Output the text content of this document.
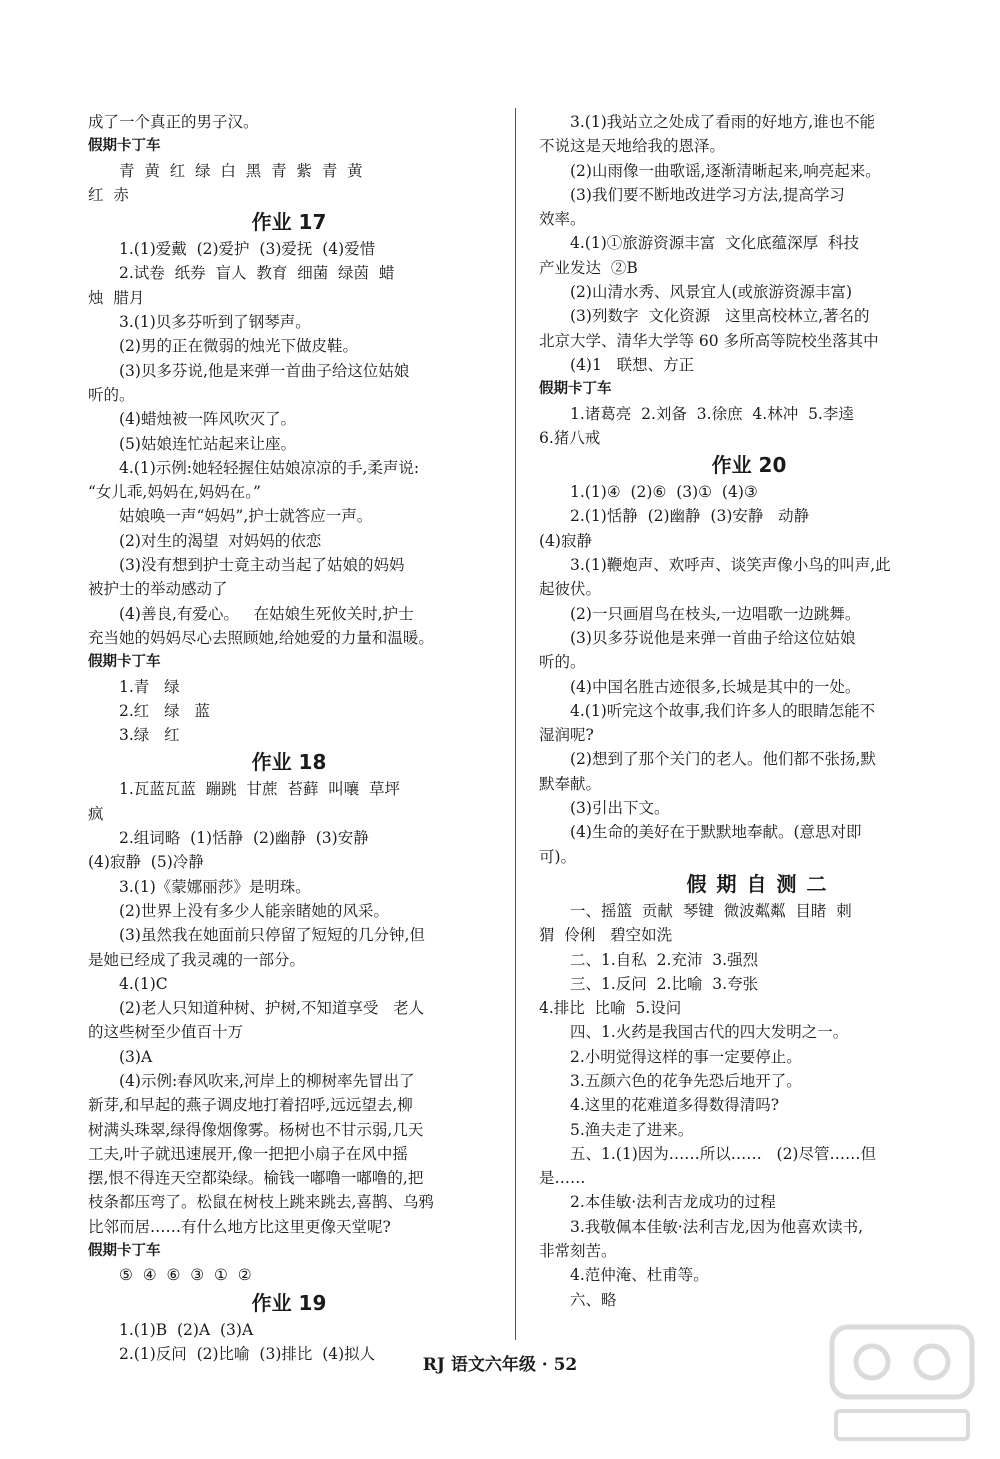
成了一个真正的男子汉。
假期卡丁车
青  黄  红  绿  白  黑  青  紫  青  黄
红  赤
作业 17
1.(1)爱戴  (2)爱护  (3)爱抚  (4)爱惜
2.试卷  纸券  盲人  教育  细菌  绿茵  蜡
烛  腊月
3.(1)贝多芬听到了钢琴声。
(2)男的正在微弱的烛光下做皮鞋。
(3)贝多芬说,他是来弹一首曲子给这位姑娘
听的。
(4)蜡烛被一阵风吹灭了。
(5)姑娘连忙站起来让座。
4.(1)示例:她轻轻握住姑娘凉凉的手,柔声说:
“女儿乖,妈妈在,妈妈在。”
姑娘唤一声“妈妈”,护士就答应一声。
(2)对生的渴望  对妈妈的依恋
(3)没有想到护士竟主动当起了姑娘的妈妈
被护士的举动感动了
(4)善良,有爱心。   在姑娘生死攸关时,护士
充当她的妈妈尽心去照顾她,给她爱的力量和温暖。
假期卡丁车
1.青   绿
2.红   绿   蓝
3.绿   红
作业 18
1.瓦蓝瓦蓝  蹦跳  甘蔗  苔藓  叫嚷  草坪
疯
2.组词略  (1)恬静  (2)幽静  (3)安静
(4)寂静  (5)冷静
3.(1)《蒙娜丽莎》是明珠。
(2)世界上没有多少人能亲睹她的风采。
(3)虽然我在她面前只停留了短短的几分钟,但
是她已经成了我灵魂的一部分。
4.(1)C
(2)老人只知道种树、护树,不知道享受   老人
的这些树至少值百十万
(3)A
(4)示例:春风吹来,河岸上的柳树率先冒出了
新芽,和早起的燕子调皮地打着招呼,远远望去,柳
树满头珠翠,绿得像烟像雾。杨树也不甘示弱,几天
工夫,叶子就迅速展开,像一把把小扇子在风中摇
摆,恨不得连天空都染绿。榆钱一嘟噜一嘟噜的,把
枝条都压弯了。松鼠在树枝上跳来跳去,喜鹊、乌鸦
比邻而居……有什么地方比这里更像天堂呢?
假期卡丁车
⑤  ④  ⑥  ③  ①  ②
作业 19
1.(1)B  (2)A  (3)A
2.(1)反问  (2)比喻  (3)排比  (4)拟人
3.(1)我站立之处成了看雨的好地方,谁也不能
不说这是天地给我的恩泽。
(2)山雨像一曲歌谣,逐渐清晰起来,响亮起来。
(3)我们要不断地改进学习方法,提高学习
效率。
4.(1)①旅游资源丰富  文化底蕴深厚  科技
产业发达  ②B
(2)山清水秀、风景宜人(或旅游资源丰富)
(3)列数字  文化资源   这里高校林立,著名的
北京大学、清华大学等 60 多所高等院校坐落其中
(4)1   联想、方正
假期卡丁车
1.诸葛亮  2.刘备  3.徐庶  4.林冲  5.李逵
6.猪八戒
作业 20
1.(1)④  (2)⑥  (3)①  (4)③
2.(1)恬静  (2)幽静  (3)安静   动静
(4)寂静
3.(1)鞭炮声、欢呼声、谈笑声像小鸟的叫声,此
起彼伏。
(2)一只画眉鸟在枝头,一边唱歌一边跳舞。
(3)贝多芬说他是来弹一首曲子给这位姑娘
听的。
(4)中国名胜古迹很多,长城是其中的一处。
4.(1)听完这个故事,我们许多人的眼睛怎能不
湿润呢?
(2)想到了那个关门的老人。他们都不张扬,默
默奉献。
(3)引出下文。
(4)生命的美好在于默默地奉献。(意思对即
可)。
假期自测二
一、摇篮  贡献  琴键  微波粼粼  目睹  刺
猬  伶俐   碧空如洗
二、1.自私  2.充沛  3.强烈
三、1.反问  2.比喻  3.夸张
4.排比  比喻  5.设问
四、1.火药是我国古代的四大发明之一。
2.小明觉得这样的事一定要停止。
3.五颜六色的花争先恐后地开了。
4.这里的花难道多得数得清吗?
5.渔夫走了进来。
五、1.(1)因为……所以……   (2)尽管……但
是……
2.本佳敏·法利吉龙成功的过程
3.我敬佩本佳敏·法利吉龙,因为他喜欢读书,
非常刻苦。
4.范仲淹、杜甫等。
六、略
RJ 语文六年级 · 52
